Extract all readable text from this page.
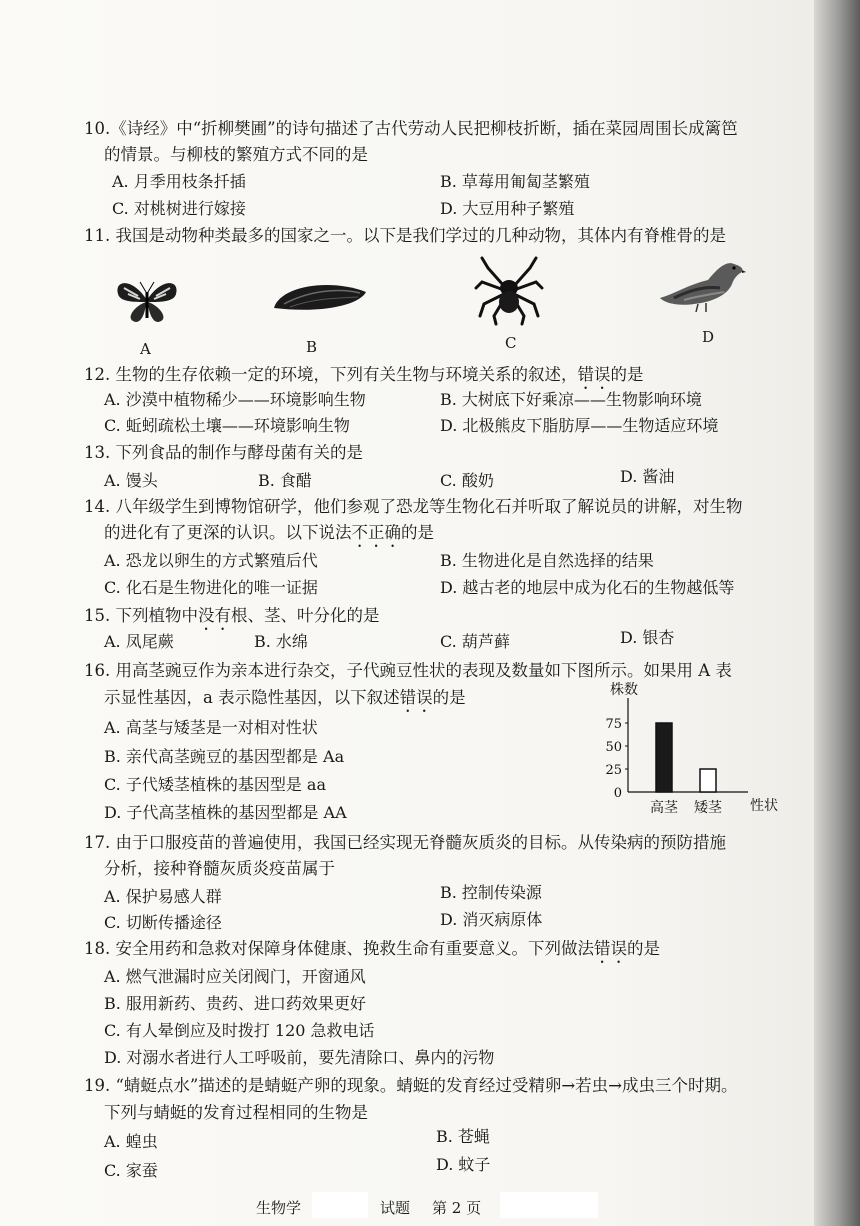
10.《诗经》中“折柳樊圃”的诗句描述了古代劳动人民把柳枝折断，插在菜园周围长成篱笆
的情景。与柳枝的繁殖方式不同的是
A. 月季用枝条扦插	B. 草莓用匍匐茎繁殖
C. 对桃树进行嫁接	D. 大豆用种子繁殖
11. 我国是动物种类最多的国家之一。以下是我们学过的几种动物，其体内有脊椎骨的是
A	B	C	D
12. 生物的生存依赖一定的环境，下列有关生物与环境关系的叙述，错误的是
A. 沙漠中植物稀少——环境影响生物	B. 大树底下好乘凉——生物影响环境
C. 蚯蚓疏松土壤——环境影响生物	D. 北极熊皮下脂肪厚——生物适应环境
13. 下列食品的制作与酵母菌有关的是
A. 馒头	B. 食醋	C. 酸奶	D. 酱油
14. 八年级学生到博物馆研学，他们参观了恐龙等生物化石并听取了解说员的讲解，对生物
的进化有了更深的认识。以下说法不正确的是
A. 恐龙以卵生的方式繁殖后代	B. 生物进化是自然选择的结果
C. 化石是生物进化的唯一证据	D. 越古老的地层中成为化石的生物越低等
15. 下列植物中没有根、茎、叶分化的是
A. 凤尾蕨	B. 水绵	C. 葫芦藓	D. 银杏
16. 用高茎豌豆作为亲本进行杂交，子代豌豆性状的表现及数量如下图所示。如果用 A 表
示显性基因，a 表示隐性基因，以下叙述错误的是
A. 高茎与矮茎是一对相对性状
B. 亲代高茎豌豆的基因型都是 Aa
C. 子代矮茎植株的基因型是 aa
D. 子代高茎植株的基因型都是 AA
株数
0
25
50
75
高茎 矮茎 性状
17. 由于口服疫苗的普遍使用，我国已经实现无脊髓灰质炎的目标。从传染病的预防措施
分析，接种脊髓灰质炎疫苗属于
A. 保护易感人群	B. 控制传染源
C. 切断传播途径	D. 消灭病原体
18. 安全用药和急救对保障身体健康、挽救生命有重要意义。下列做法错误的是
A. 燃气泄漏时应关闭阀门，开窗通风
B. 服用新药、贵药、进口药效果更好
C. 有人晕倒应及时拨打 120 急救电话
D. 对溺水者进行人工呼吸前，要先清除口、鼻内的污物
19. “蜻蜓点水”描述的是蜻蜓产卵的现象。蜻蜓的发育经过受精卵→若虫→成虫三个时期。
下列与蜻蜓的发育过程相同的生物是
A. 蝗虫	B. 苍蝇
C. 家蚕	D. 蚊子
生物学	试题 第 2 页
